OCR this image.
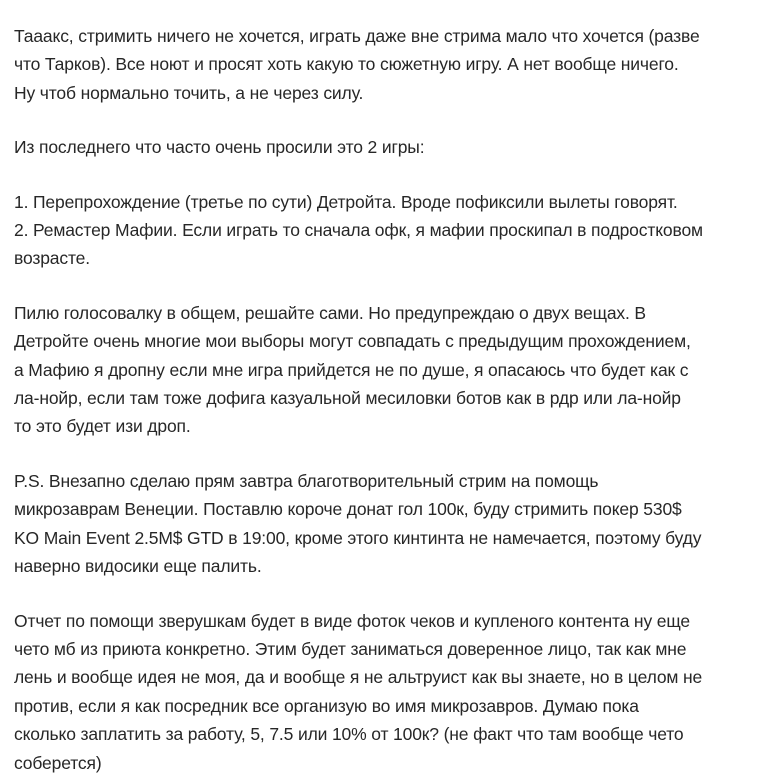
Тааакс, стримить ничего не хочется, играть даже вне стрима мало что хочется (разве
что Тарков). Все ноют и просят хоть какую то сюжетную игру. А нет вообще ничего.
Ну чтоб нормально точить, а не через силу.
Из последнего что часто очень просили это 2 игры:
1. Перепрохождение (третье по сути) Детройта. Вроде пофиксили вылеты говорят.
2. Ремастер Мафии. Если играть то сначала офк, я мафии проскипал в подростковом
возрасте.
Пилю голосовалку в общем, решайте сами. Но предупреждаю о двух вещах. В
Детройте очень многие мои выборы могут совпадать с предыдущим прохождением,
а Мафию я дропну если мне игра прийдется не по душе, я опасаюсь что будет как с
ла-нойр, если там тоже дофига казуальной месиловки ботов как в рдр или ла-нойр
то это будет изи дроп.
P.S. Внезапно сделаю прям завтра благотворительный стрим на помощь
микрозаврам Венеции. Поставлю короче донат гол 100к, буду стримить покер 530$
KO Main Event 2.5M$ GTD в 19:00, кроме этого кинтинта не намечается, поэтому буду
наверно видосики еще палить.
Отчет по помощи зверушкам будет в виде фоток чеков и купленого контента ну еще
чето мб из приюта конкретно. Этим будет заниматься доверенное лицо, так как мне
лень и вообще идея не моя, да и вообще я не альтруист как вы знаете, но в целом не
против, если я как посредник все организую во имя микрозавров. Думаю пока
сколько заплатить за работу, 5, 7.5 или 10% от 100к? (не факт что там вообще чето
соберется)
